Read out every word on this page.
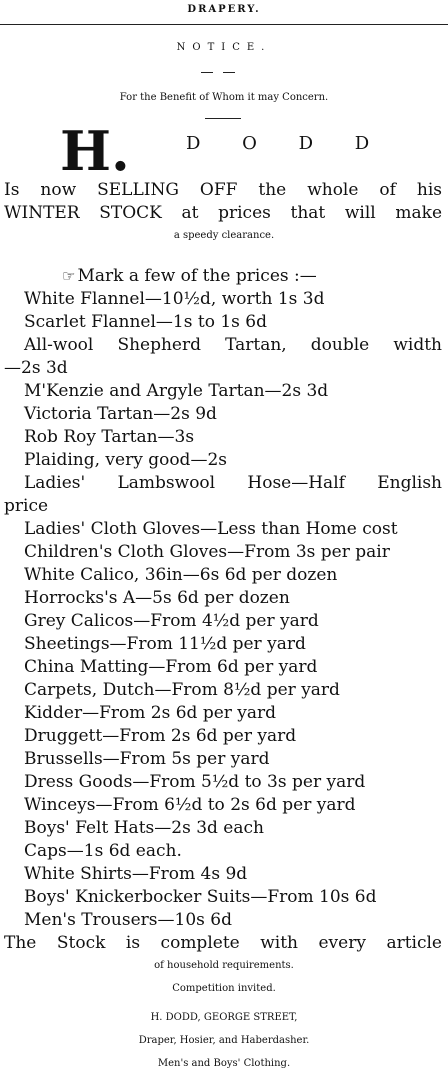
DRAPERY.
NOTICE.
For the Benefit of Whom it may Concern.
H.	D O D D
Is now SELLING OFF the whole of his
WINTER STOCK at prices that will make
a speedy clearance.
☞ Mark a few of the prices :—
White Flannel—10½d, worth 1s 3d
Scarlet Flannel—1s to 1s 6d
All-wool Shepherd Tartan, double width
—2s 3d
M'Kenzie and Argyle Tartan—2s 3d
Victoria Tartan—2s 9d
Rob Roy Tartan—3s
Plaiding, very good—2s
Ladies' Lambswool Hose—Half English
price
Ladies' Cloth Gloves—Less than Home cost
Children's Cloth Gloves—From 3s per pair
White Calico, 36in—6s 6d per dozen
Horrocks's A—5s 6d per dozen
Grey Calicos—From 4½d per yard
Sheetings—From 11½d per yard
China Matting—From 6d per yard
Carpets, Dutch—From 8½d per yard
Kidder—From 2s 6d per yard
Druggett—From 2s 6d per yard
Brussells—From 5s per yard
Dress Goods—From 5½d to 3s per yard
Winceys—From 6½d to 2s 6d per yard
Boys' Felt Hats—2s 3d each
Caps—1s 6d each.
White Shirts—From 4s 9d
Boys' Knickerbocker Suits—From 10s 6d
Men's Trousers—10s 6d
The Stock is complete with every article
of household requirements.
Competition invited.
H. DODD, GEORGE STREET,
Draper, Hosier, and Haberdasher.
Men's and Boys' Clothing.
